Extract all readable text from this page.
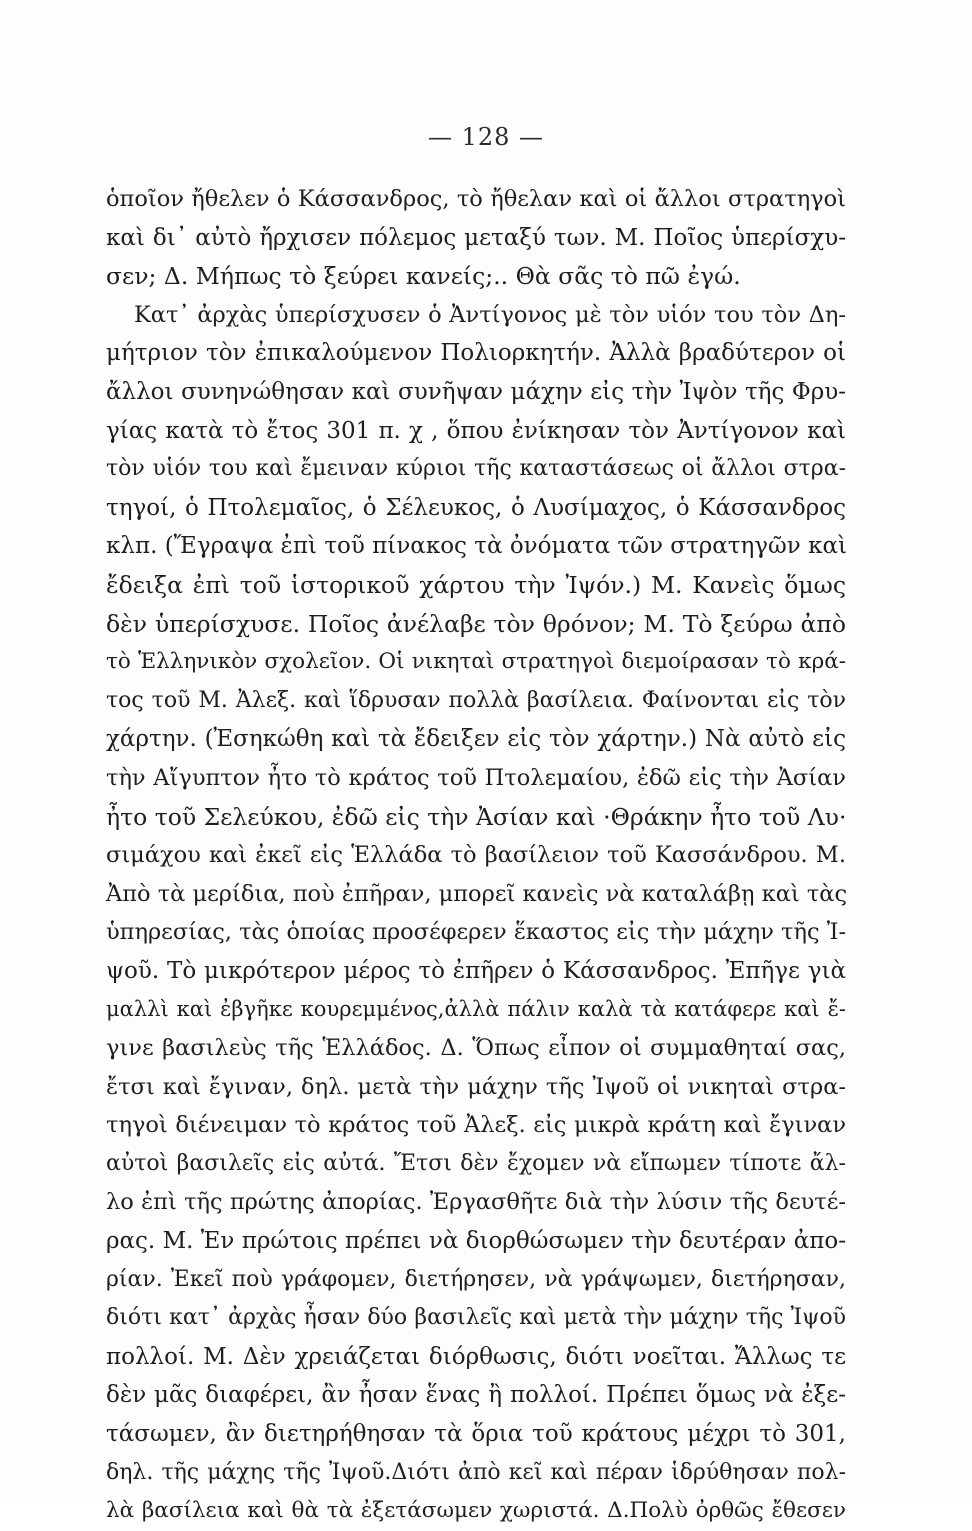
— 128 —
ὁποῖον ἤθελεν ὁ Κάσσανδρος, τὸ ἤθελαν καὶ οἱ ἄλλοι στρατηγοὶ
καὶ δι᾽ αὐτὸ ἤρχισεν πόλεμος μεταξύ των. Μ. Ποῖος ὑπερίσχυ-
σεν; Δ. Μήπως τὸ ξεύρει κανείς;.. Θὰ σᾶς τὸ πῶ ἐγώ.
Κατ᾽ ἀρχὰς ὑπερίσχυσεν ὁ Ἀντίγονος μὲ τὸν υἱόν του τὸν Δη-
μήτριον τὸν ἐπικαλούμενον Πολιορκητήν. Ἀλλὰ βραδύτερον οἱ
ἄλλοι συνηνώθησαν καὶ συνῆψαν μάχην εἰς τὴν Ἰψὸν τῆς Φρυ-
γίας κατὰ τὸ ἔτος 301 π. χ , ὅπου ἐνίκησαν τὸν Ἀντίγονον καὶ
τὸν υἱόν του καὶ ἔμειναν κύριοι τῆς καταστάσεως οἱ ἄλλοι στρα-
τηγοί, ὁ Πτολεμαῖος, ὁ Σέλευκος, ὁ Λυσίμαχος, ὁ Κάσσανδρος
κλπ. (Ἔγραψα ἐπὶ τοῦ πίνακος τὰ ὀνόματα τῶν στρατηγῶν καὶ
ἔδειξα ἐπὶ τοῦ ἱστορικοῦ χάρτου τὴν Ἰψόν.) Μ. Κανεὶς ὅμως
δὲν ὑπερίσχυσε. Ποῖος ἀνέλαβε τὸν θρόνον; Μ. Τὸ ξεύρω ἀπὸ
τὸ Ἑλληνικὸν σχολεῖον. Οἱ νικηταὶ στρατηγοὶ διεμοίρασαν τὸ κρά-
τος τοῦ Μ. Ἀλεξ. καὶ ἵδρυσαν πολλὰ βασίλεια. Φαίνονται εἰς τὸν
χάρτην. (Ἐσηκώθη καὶ τὰ ἔδειξεν εἰς τὸν χάρτην.) Νὰ αὐτὸ εἰς
τὴν Αἴγυπτον ἦτο τὸ κράτος τοῦ Πτολεμαίου, ἐδῶ εἰς τὴν Ἀσίαν
ἦτο τοῦ Σελεύκου, ἐδῶ εἰς τὴν Ἀσίαν καὶ ·Θράκην ἦτο τοῦ Λυ·
σιμάχου καὶ ἐκεῖ εἰς Ἑλλάδα τὸ βασίλειον τοῦ Κασσάνδρου. Μ.
Ἀπὸ τὰ μερίδια, ποὺ ἐπῆραν, μπορεῖ κανεὶς νὰ καταλάβῃ καὶ τὰς
ὑπηρεσίας, τὰς ὁποίας προσέφερεν ἕκαστος εἰς τὴν μάχην τῆς Ἰ-
ψοῦ. Τὸ μικρότερον μέρος τὸ ἐπῆρεν ὁ Κάσσανδρος. Ἐπῆγε γιὰ
μαλλὶ καὶ ἐβγῆκε κουρεμμένος,ἀλλὰ πάλιν καλὰ τὰ κατάφερε καὶ ἔ-
γινε βασιλεὺς τῆς Ἑλλάδος. Δ. Ὅπως εἶπον οἱ συμμαθηταί σας,
ἔτσι καὶ ἔγιναν, δηλ. μετὰ τὴν μάχην τῆς Ἰψοῦ οἱ νικηταὶ στρα-
τηγοὶ διένειμαν τὸ κράτος τοῦ Ἀλεξ. εἰς μικρὰ κράτη καὶ ἔγιναν
αὐτοὶ βασιλεῖς εἰς αὐτά. Ἔτσι δὲν ἔχομεν νὰ εἴπωμεν τίποτε ἄλ-
λο ἐπὶ τῆς πρώτης ἀπορίας. Ἐργασθῆτε διὰ τὴν λύσιν τῆς δευτέ-
ρας. Μ. Ἐν πρώτοις πρέπει νὰ διορθώσωμεν τὴν δευτέραν ἀπο-
ρίαν. Ἐκεῖ ποὺ γράφομεν, διετήρησεν, νὰ γράψωμεν, διετήρησαν,
διότι κατ᾽ ἀρχὰς ἦσαν δύο βασιλεῖς καὶ μετὰ τὴν μάχην τῆς Ἰψοῦ
πολλοί. Μ. Δὲν χρειάζεται διόρθωσις, διότι νοεῖται. Ἄλλως τε
δὲν μᾶς διαφέρει, ἂν ἦσαν ἕνας ἢ πολλοί. Πρέπει ὅμως νὰ ἐξε-
τάσωμεν, ἂν διετηρήθησαν τὰ ὅρια τοῦ κράτους μέχρι τὸ 301,
δηλ. τῆς μάχης τῆς Ἰψοῦ.Διότι ἀπὸ κεῖ καὶ πέραν ἱδρύθησαν πολ-
λὰ βασίλεια καὶ θὰ τὰ ἐξετάσωμεν χωριστά. Δ.Πολὺ ὀρθῶς ἔθεσεν
